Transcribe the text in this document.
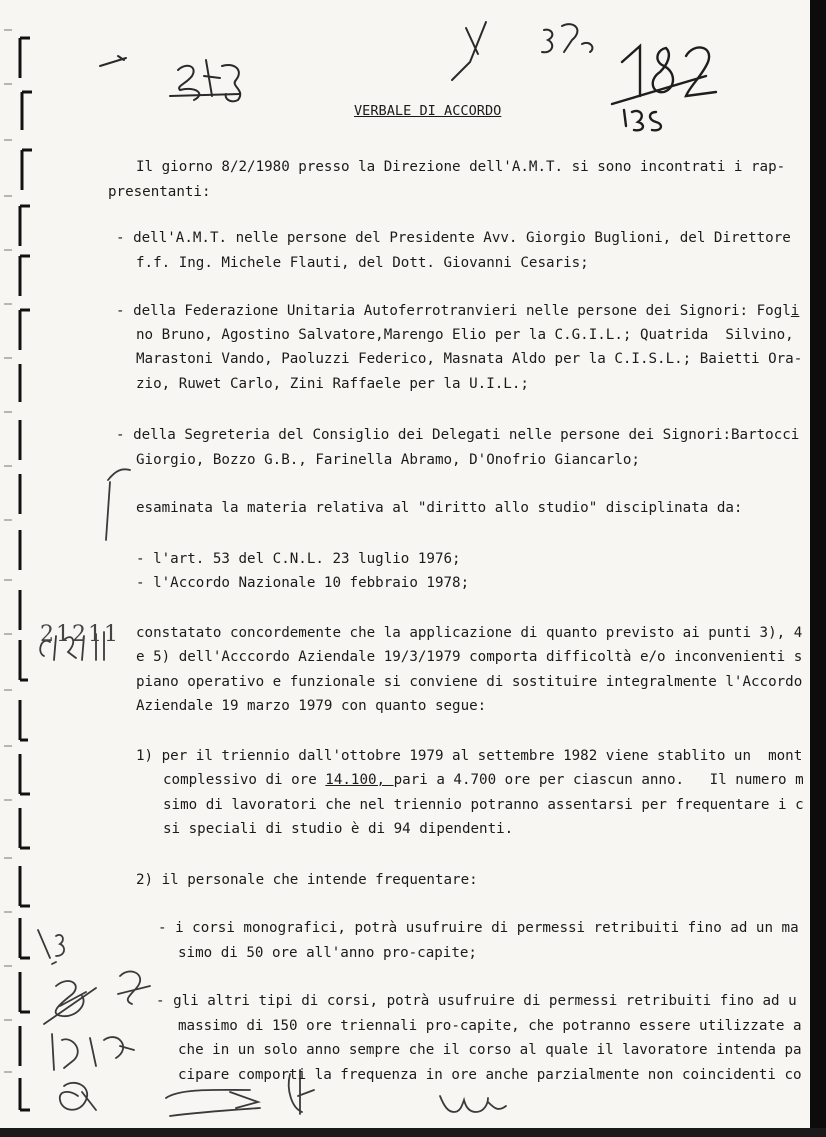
VERBALE DI ACCORDO

Il giorno 8/2/1980 presso la Direzione dell'A.M.T. si sono incontrati i rap-

presentanti:

- dell'A.M.T. nelle persone del Presidente Avv. Giorgio Buglioni, del Direttore

f.f. Ing. Michele Flauti, del Dott. Giovanni Cesaris;

- della Federazione Unitaria Autoferrotranvieri nelle persone dei Signori: Fogli

no Bruno, Agostino Salvatore,Marengo Elio per la C.G.I.L.; Quatrida  Silvino,

Marastoni Vando, Paoluzzi Federico, Masnata Aldo per la C.I.S.L.; Baietti Ora-

zio, Ruwet Carlo, Zini Raffaele per la U.I.L.;

- della Segreteria del Consiglio dei Delegati nelle persone dei Signori:Bartocci

Giorgio, Bozzo G.B., Farinella Abramo, D'Onofrio Giancarlo;

esaminata la materia relativa al "diritto allo studio" disciplinata da:

- l'art. 53 del C.N.L. 23 luglio 1976;

- l'Accordo Nazionale 10 febbraio 1978;

constatato concordemente che la applicazione di quanto previsto ai punti 3), 4

e 5) dell'Acccordo Aziendale 19/3/1979 comporta difficoltà e/o inconvenienti s

piano operativo e funzionale si conviene di sostituire integralmente l'Accordo

Aziendale 19 marzo 1979 con quanto segue:

1) per il triennio dall'ottobre 1979 al settembre 1982 viene stablito un  mont

complessivo di ore 14.100, pari a 4.700 ore per ciascun anno.   Il numero m

simo di lavoratori che nel triennio potranno assentarsi per frequentare i c

si speciali di studio è di 94 dipendenti.

2) il personale che intende frequentare:

- i corsi monografici, potrà usufruire di permessi retribuiti fino ad un ma

simo di 50 ore all'anno pro-capite;

- gli altri tipi di corsi, potrà usufruire di permessi retribuiti fino ad u

massimo di 150 ore triennali pro-capite, che potranno essere utilizzate a

che in un solo anno sempre che il corso al quale il lavoratore intenda pa

cipare comporti la frequenza in ore anche parzialmente non coincidenti co

21211
